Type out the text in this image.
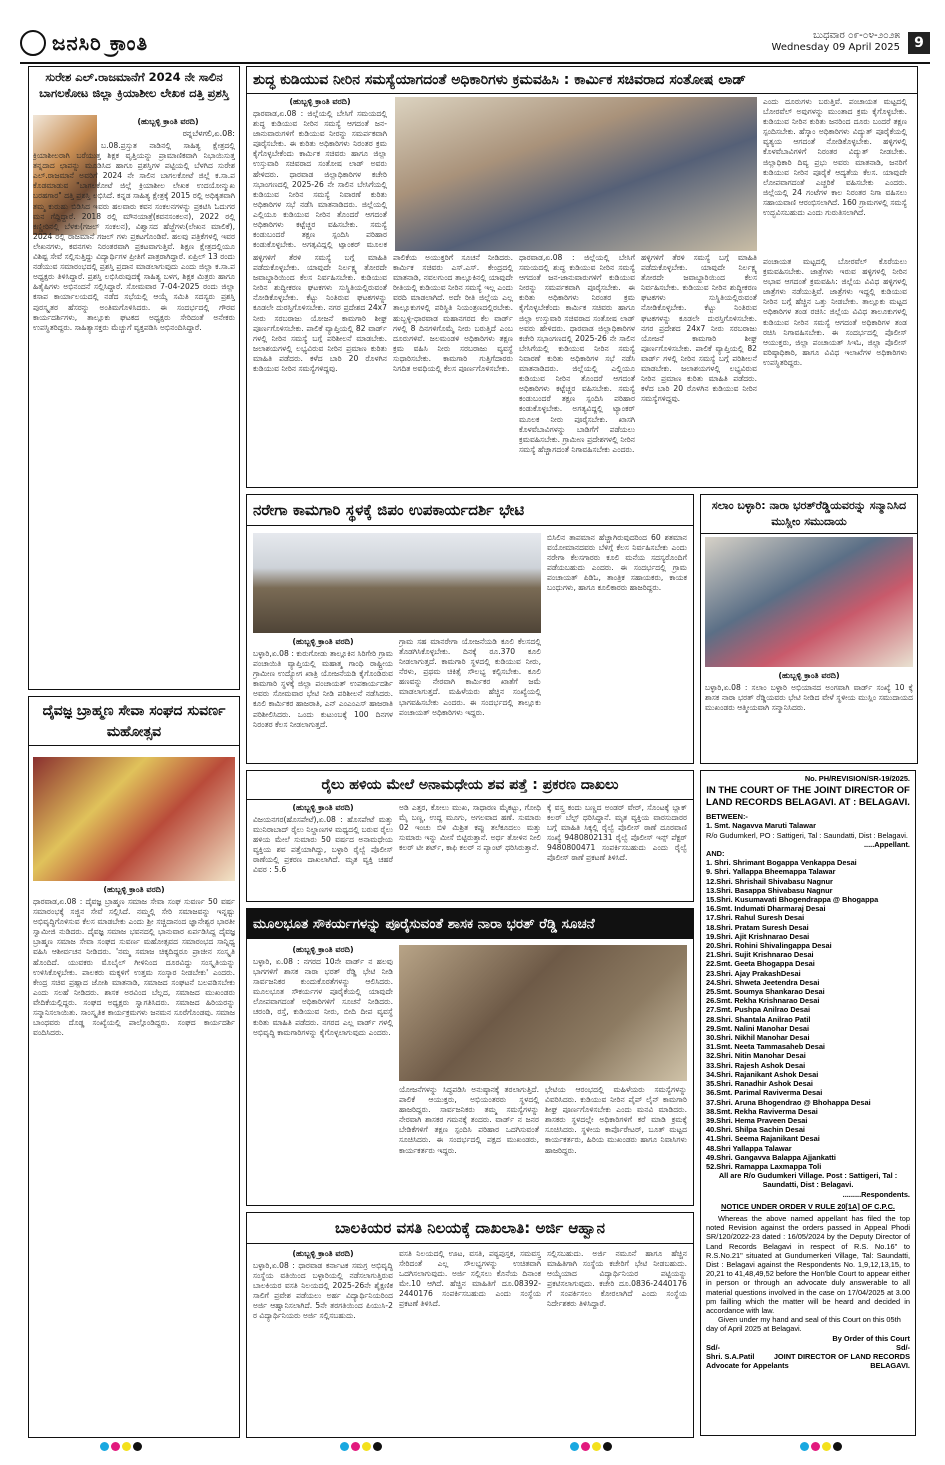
ಜನಸಿರಿ ಕ್ರಾಂತಿ	ಬುಧವಾರ ೦೯-೦೪-೨೦೨೫
Wednesday 09 April 2025	9
ಸುರೇಶ ಎಲ್.ರಾಜಮಾನೆಗೆ 2024 ನೇ ಸಾಲಿನ ಬಾಗಲಕೋಟ ಜಿಲ್ಲಾ ಕ್ರಿಯಾಶೀಲ ಲೇಖಕ ದತ್ತಿ ಪ್ರಶಸ್ತಿ
(ಹುಬ್ಬಳ್ಳಿ ಕ್ರಾಂತಿ ವರದಿ)
ರನ್ನಬೆಳಗಲಿ,ಏ.08:
ಬ.08.ಪ್ರಸ್ತುತ ನಾಡಿನಲ್ಲಿ ಸಾಹಿತ್ಯ ಕ್ಷೇತ್ರದಲ್ಲಿ ಕ್ರಿಯಾಶೀಲರಾಗಿ ಬರೆಯುತ್ತ ಶಿಕ್ಷಕ ವೃತ್ತಿಯನ್ನು ಪ್ರಾಮಾಣಿಕವಾಗಿ ನಿಭಾಯಿಸುತ್ತ ತನ್ನದಾದ ಛಾಪನ್ನು ಮೂಡಿಸಿದ ಹಾಗೂ ಪ್ರಶಸ್ತಿಗಳ ಪಟ್ಟಿಯಲ್ಲಿ ಬೆಳಗಿದ ಸುರೇಶ ಎಲ್.ರಾಜಮಾನೆ ಅವರಿಗೆ 2024 ನೇ ಸಾಲಿನ ಬಾಗಲಕೋಟೆ ಜಿಲ್ಲೆ ಕ.ಸಾ.ಪ ಕೊಡಮಾಡುವ "ಬಾಗಲಕೋಟೆ ಜಿಲ್ಲೆ ಕ್ರಿಯಾಶೀಲ ಲೇಖಕ ಉದಯೋನ್ಮುಖ ಬರಹಗಾರ" ದತ್ತಿ ಪ್ರಶಸ್ತಿ ಲಭಿಸಿದೆ. ಕನ್ನಡ ಸಾಹಿತ್ಯ ಕ್ಷೇತ್ರಕ್ಕೆ 2015 ರಲ್ಲಿ ಅಧಿಕೃತವಾಗಿ ತಮ್ಮ ಕುರುಹು ಬಿಡಿಸಿದ ಇವರು ಹಲವಾರು ಕವನ ಸಂಕಲನಗಳನ್ನು ಪ್ರಕಟಿಸಿ ಓದುಗರ ಮನ ಗೆದ್ದಿದ್ದಾರೆ. 2018 ರಲ್ಲಿ ಮೌನಯಾತ್ರೆ(ಕವನಸಂಕಲನ), 2022 ರಲ್ಲಿ ಕಣ್ಣೀರಿನಲ್ಲಿ ಬೆಳಕು(ಗಜಲ್ ಸಂಕಲನ), ವಿಶ್ವಾಸದ ಹೆಜ್ಜೆಗಳು(ಲೇಖನ ಮಾಲಿಕೆ), 2024 ರಲ್ಲಿ ರಾಜಮಾನೆ ಗಜಲ್ ಗಳು ಪ್ರಕಟಗೊಂಡಿವೆ. ಹಲವು ಪತ್ರಿಕೆಗಳಲ್ಲಿ ಇವರ ಲೇಖನಗಳು, ಕವನಗಳು ನಿರಂತರವಾಗಿ ಪ್ರಕಟವಾಗುತ್ತಿವೆ. ಶಿಕ್ಷಣ ಕ್ಷೇತ್ರದಲ್ಲಿಯೂ ವಿಶಿಷ್ಟ ಸೇವೆ ಸಲ್ಲಿಸುತ್ತಿದ್ದು ವಿದ್ಯಾರ್ಥಿಗಳ ಪ್ರೀತಿಗೆ ಪಾತ್ರರಾಗಿದ್ದಾರೆ. ಏಪ್ರಿಲ್ 13 ರಂದು ನಡೆಯುವ ಸಮಾರಂಭದಲ್ಲಿ ಪ್ರಶಸ್ತಿ ಪ್ರದಾನ ಮಾಡಲಾಗುವುದು ಎಂದು ಜಿಲ್ಲಾ ಕ.ಸಾ.ಪ ಅಧ್ಯಕ್ಷರು ತಿಳಿಸಿದ್ದಾರೆ. ಪ್ರಶಸ್ತಿ ಲಭಿಸಿರುವುದಕ್ಕೆ ಸಾಹಿತ್ಯ ಬಳಗ, ಶಿಕ್ಷಕ ಮಿತ್ರರು ಹಾಗೂ ಹಿತೈಷಿಗಳು ಅಭಿನಂದನೆ ಸಲ್ಲಿಸಿದ್ದಾರೆ. ಸೋಮವಾರ 7-04-2025 ರಂದು ಜಿಲ್ಲಾ ಕಸಾಪ ಕಾರ್ಯಾಲಯದಲ್ಲಿ ನಡೆದ ಸಭೆಯಲ್ಲಿ ಆಯ್ಕೆ ಸಮಿತಿ ಸದಸ್ಯರು ಪ್ರಶಸ್ತಿ ಪುರಸ್ಕೃತರ ಹೆಸರನ್ನು ಅಂತಿಮಗೊಳಿಸಿದರು. ಈ ಸಂದರ್ಭದಲ್ಲಿ ಗೌರವ ಕಾರ್ಯದರ್ಶಿಗಳು, ತಾಲ್ಲೂಕು ಘಟಕದ ಅಧ್ಯಕ್ಷರು ಸೇರಿದಂತೆ ಅನೇಕರು ಉಪಸ್ಥಿತರಿದ್ದರು. ಸಾಹಿತ್ಯಾಸಕ್ತರು ಮೆಚ್ಚುಗೆ ವ್ಯಕ್ತಪಡಿಸಿ ಅಭಿನಂದಿಸಿದ್ದಾರೆ.
ದೈವಜ್ಞ ಬ್ರಾಹ್ಮಣ ಸೇವಾ ಸಂಘದ ಸುವರ್ಣ ಮಹೋತ್ಸವ
(ಹುಬ್ಬಳ್ಳಿ ಕ್ರಾಂತಿ ವರದಿ)
ಧಾರವಾಡ,ಏ.08 : ದೈವಜ್ಞ ಬ್ರಾಹ್ಮಣ ಸಮಾಜ ಸೇವಾ ಸಂಘ ಸುವರ್ಣ 50 ವರ್ಷ ಸಮಾರಂಭಕ್ಕೆ ಸಜ್ಜಿನ ಸೇವೆ ಸಲ್ಲಿಸಿದೆ. ನಮ್ಮಲ್ಲಿ ಸೇರಿ ಸಮಾಜವನ್ನು ಇನ್ನಷ್ಟು ಅಭಿವೃದ್ಧಿಗೊಳಿಸುವ ಕೆಲಸ ಮಾಡಬೇಕು ಎಂದು ಶ್ರೀ ಸಚ್ಚಿದಾನಂದ ಜ್ಞಾನೇಶ್ವರ ಭಾರತೀ ಸ್ವಾಮೀಜಿ ನುಡಿದರು. ದೈವಜ್ಞ ಸಮಾಜ ಭವನದಲ್ಲಿ ಭಾನುವಾರ ಏರ್ಪಡಿಸಿದ್ದ ದೈವಜ್ಞ ಬ್ರಾಹ್ಮಣ ಸಮಾಜ ಸೇವಾ ಸಂಘದ ಸುವರ್ಣ ಮಹೋತ್ಸವದ ಸಮಾರಂಭದ ಸಾನ್ನಿಧ್ಯ ವಹಿಸಿ ಆಶೀರ್ವಚನ ನೀಡಿದರು. 'ನಮ್ಮ ಸಮಾಜ ಚಿಕ್ಕದಿದ್ದರೂ ಪ್ರಾಚೀನ ಸಂಸ್ಕೃತಿ ಹೊಂದಿದೆ. ಯುವಕರು ಮೊಬೈಲ್ ಗೀಳಿನಿಂದ ದೂರವಿದ್ದು ಸಂಸ್ಕೃತಿಯನ್ನು ಉಳಿಸಿಕೊಳ್ಳಬೇಕು. ಪಾಲಕರು ಮಕ್ಕಳಿಗೆ ಉತ್ತಮ ಸಂಸ್ಕಾರ ನೀಡಬೇಕು' ಎಂದರು. ಕೇಂದ್ರ ಸಚಿವ ಪ್ರಹ್ಲಾದ ಜೋಶಿ ಮಾತನಾಡಿ, ಸಮಾಜದ ಸಂಘಟನೆ ಬಲಪಡಿಸಬೇಕು ಎಂದು ಸಲಹೆ ನೀಡಿದರು. ಶಾಸಕ ಅರವಿಂದ ಬೆಲ್ಲದ, ಸಮಾಜದ ಮುಖಂಡರು ವೇದಿಕೆಯಲ್ಲಿದ್ದರು. ಸಂಘದ ಅಧ್ಯಕ್ಷರು ಸ್ವಾಗತಿಸಿದರು. ಸಮಾಜದ ಹಿರಿಯರನ್ನು ಸನ್ಮಾನಿಸಲಾಯಿತು. ಸಾಂಸ್ಕೃತಿಕ ಕಾರ್ಯಕ್ರಮಗಳು ಜನಮನ ಸೂರೆಗೊಂಡವು. ಸಮಾಜ ಬಾಂಧವರು ದೊಡ್ಡ ಸಂಖ್ಯೆಯಲ್ಲಿ ಪಾಲ್ಗೊಂಡಿದ್ದರು. ಸಂಘದ ಕಾರ್ಯದರ್ಶಿ ವಂದಿಸಿದರು.
ಶುದ್ಧ ಕುಡಿಯುವ ನೀರಿನ ಸಮಸ್ಯೆಯಾಗದಂತೆ ಅಧಿಕಾರಿಗಳು ಕ್ರಮವಹಿಸಿ : ಕಾರ್ಮಿಕ ಸಚಿವರಾದ ಸಂತೋಷ ಲಾಡ್
(ಹುಬ್ಬಳ್ಳಿ ಕ್ರಾಂತಿ ವರದಿ)
ಧಾರವಾಡ,ಏ.08 : ಜಿಲ್ಲೆಯಲ್ಲಿ ಬೇಸಿಗೆ ಸಮಯದಲ್ಲಿ ಶುದ್ಧ ಕುಡಿಯುವ ನೀರಿನ ಸಮಸ್ಯೆ ಆಗದಂತೆ ಜನ-ಜಾನುವಾರುಗಳಿಗೆ ಕುಡಿಯುವ ನೀರನ್ನು ಸಮರ್ಪಕವಾಗಿ ಪೂರೈಸಬೇಕು. ಈ ಕುರಿತು ಅಧಿಕಾರಿಗಳು ನಿರಂತರ ಕ್ರಮ ಕೈಗೊಳ್ಳಬೇಕೆಂದು ಕಾರ್ಮಿಕ ಸಚಿವರು ಹಾಗೂ ಜಿಲ್ಲಾ ಉಸ್ತುವಾರಿ ಸಚಿವರಾದ ಸಂತೋಷ ಲಾಡ್ ಅವರು ಹೇಳಿದರು. ಧಾರವಾಡ ಜಿಲ್ಲಾಧಿಕಾರಿಗಳ ಕಚೇರಿ ಸಭಾಂಗಣದಲ್ಲಿ 2025-26 ನೇ ಸಾಲಿನ ಬೇಸಿಗೆಯಲ್ಲಿ ಕುಡಿಯುವ ನೀರಿನ ಸಮಸ್ಯೆ ನಿವಾರಣೆ ಕುರಿತು ಅಧಿಕಾರಿಗಳ ಸಭೆ ನಡೆಸಿ ಮಾತನಾಡಿದರು. ಜಿಲ್ಲೆಯಲ್ಲಿ ಎಲ್ಲಿಯೂ ಕುಡಿಯುವ ನೀರಿನ ತೊಂದರೆ ಆಗದಂತೆ ಅಧಿಕಾರಿಗಳು ಕಟ್ಟೆಚ್ಚರ ವಹಿಸಬೇಕು. ಸಮಸ್ಯೆ ಕಂಡುಬಂದರೆ ತಕ್ಷಣ ಸ್ಪಂದಿಸಿ ಪರಿಹಾರ ಕಂಡುಕೊಳ್ಳಬೇಕು. ಅಗತ್ಯವಿದ್ದಲ್ಲಿ ಟ್ಯಾಂಕರ್ ಮೂಲಕ
ಹಳ್ಳಿಗಳಿಗೆ ತೆರಳಿ ಸಮಸ್ಯೆ ಬಗ್ಗೆ ಮಾಹಿತಿ ಪಡೆದುಕೊಳ್ಳಬೇಕು. ಯಾವುದೇ ನಿರ್ಲಕ್ಷ್ಯ ತೋರದೇ ಜವಾಬ್ದಾರಿಯಿಂದ ಕೆಲಸ ನಿರ್ವಹಿಸಬೇಕು. ಕುಡಿಯುವ ನೀರಿನ ಶುದ್ಧೀಕರಣ ಘಟಕಗಳು ಸುಸ್ಥಿತಿಯಲ್ಲಿರುವಂತೆ ನೋಡಿಕೊಳ್ಳಬೇಕು. ಕೆಟ್ಟು ನಿಂತಿರುವ ಘಟಕಗಳನ್ನು ಕೂಡಲೇ ದುರಸ್ತಿಗೊಳಿಸಬೇಕು. ನಗರ ಪ್ರದೇಶದ 24x7 ನೀರು ಸರಬರಾಜು ಯೋಜನೆ ಕಾಮಗಾರಿ ಶೀಘ್ರ ಪೂರ್ಣಗೊಳಿಸಬೇಕು. ಪಾಲಿಕೆ ವ್ಯಾಪ್ತಿಯಲ್ಲಿ 82 ವಾರ್ಡ್ ಗಳಲ್ಲಿ ನೀರಿನ ಸಮಸ್ಯೆ ಬಗ್ಗೆ ಪರಿಶೀಲನೆ ಮಾಡಬೇಕು. ಜಲಾಶಯಗಳಲ್ಲಿ ಲಭ್ಯವಿರುವ ನೀರಿನ ಪ್ರಮಾಣ ಕುರಿತು ಮಾಹಿತಿ ಪಡೆದರು. ಕಳೆದ ಬಾರಿ 20 ರೊಳಗಿನ ಕುಡಿಯುವ ನೀರಿನ ಸಮಸ್ಯೆಗಳಿದ್ದವು.
ಪಾಲಿಕೆಯ ಅಯುಕ್ತರಿಗೆ ಸೂಚನೆ ನೀಡಿದರು. ಕಾರ್ಮಿಕ ಸಚಿವರು ಎಸ್.ಎಸ್. ಕೇಂದ್ರದಲ್ಲಿ ಮಾತನಾಡಿ, ನವಲಗುಂದ ತಾಲ್ಲೂಕಿನಲ್ಲಿ ಯಾವುದೇ ರೀತಿಯಲ್ಲಿ ಕುಡಿಯುವ ನೀರಿನ ಸಮಸ್ಯೆ ಇಲ್ಲ ಎಂದು ವರದಿ ಮಾಡಲಾಗಿದೆ. ಅದೇ ರೀತಿ ಜಿಲ್ಲೆಯ ಎಲ್ಲ ತಾಲ್ಲೂಕುಗಳಲ್ಲಿ ಪರಿಸ್ಥಿತಿ ನಿಯಂತ್ರಣದಲ್ಲಿರಬೇಕು. ಹುಬ್ಬಳ್ಳಿ-ಧಾರವಾಡ ಮಹಾನಗರದ ಕೆಲ ವಾರ್ಡ್ ಗಳಲ್ಲಿ 8 ದಿನಗಳಿಗೊಮ್ಮೆ ನೀರು ಬರುತ್ತಿದೆ ಎಂಬ ದೂರುಗಳಿವೆ. ಜಲಮಂಡಳಿ ಅಧಿಕಾರಿಗಳು ತಕ್ಷಣ ಕ್ರಮ ವಹಿಸಿ ನೀರು ಸರಬರಾಜು ವ್ಯವಸ್ಥೆ ಸುಧಾರಿಸಬೇಕು. ಕಾಮಗಾರಿ ಗುತ್ತಿಗೆದಾರರು ನಿಗದಿತ ಅವಧಿಯಲ್ಲಿ ಕೆಲಸ ಪೂರ್ಣಗೊಳಿಸಬೇಕು.
ಧಾರವಾಡ,ಏ.08 : ಜಿಲ್ಲೆಯಲ್ಲಿ ಬೇಸಿಗೆ ಸಮಯದಲ್ಲಿ ಶುದ್ಧ ಕುಡಿಯುವ ನೀರಿನ ಸಮಸ್ಯೆ ಆಗದಂತೆ ಜನ-ಜಾನುವಾರುಗಳಿಗೆ ಕುಡಿಯುವ ನೀರನ್ನು ಸಮರ್ಪಕವಾಗಿ ಪೂರೈಸಬೇಕು. ಈ ಕುರಿತು ಅಧಿಕಾರಿಗಳು ನಿರಂತರ ಕ್ರಮ ಕೈಗೊಳ್ಳಬೇಕೆಂದು ಕಾರ್ಮಿಕ ಸಚಿವರು ಹಾಗೂ ಜಿಲ್ಲಾ ಉಸ್ತುವಾರಿ ಸಚಿವರಾದ ಸಂತೋಷ ಲಾಡ್ ಅವರು ಹೇಳಿದರು. ಧಾರವಾಡ ಜಿಲ್ಲಾಧಿಕಾರಿಗಳ ಕಚೇರಿ ಸಭಾಂಗಣದಲ್ಲಿ 2025-26 ನೇ ಸಾಲಿನ ಬೇಸಿಗೆಯಲ್ಲಿ ಕುಡಿಯುವ ನೀರಿನ ಸಮಸ್ಯೆ ನಿವಾರಣೆ ಕುರಿತು ಅಧಿಕಾರಿಗಳ ಸಭೆ ನಡೆಸಿ ಮಾತನಾಡಿದರು. ಜಿಲ್ಲೆಯಲ್ಲಿ ಎಲ್ಲಿಯೂ ಕುಡಿಯುವ ನೀರಿನ ತೊಂದರೆ ಆಗದಂತೆ ಅಧಿಕಾರಿಗಳು ಕಟ್ಟೆಚ್ಚರ ವಹಿಸಬೇಕು. ಸಮಸ್ಯೆ ಕಂಡುಬಂದರೆ ತಕ್ಷಣ ಸ್ಪಂದಿಸಿ ಪರಿಹಾರ ಕಂಡುಕೊಳ್ಳಬೇಕು. ಅಗತ್ಯವಿದ್ದಲ್ಲಿ ಟ್ಯಾಂಕರ್ ಮೂಲಕ ನೀರು ಪೂರೈಸಬೇಕು. ಖಾಸಗಿ ಕೊಳವೆಬಾವಿಗಳನ್ನು ಬಾಡಿಗೆಗೆ ಪಡೆಯಲು ಕ್ರಮವಹಿಸಬೇಕು. ಗ್ರಾಮೀಣ ಪ್ರದೇಶಗಳಲ್ಲಿ ನೀರಿನ ಸಮಸ್ಯೆ ಹೆಚ್ಚಾಗದಂತೆ ನಿಗಾವಹಿಸಬೇಕು ಎಂದರು.
ಹಳ್ಳಿಗಳಿಗೆ ತೆರಳಿ ಸಮಸ್ಯೆ ಬಗ್ಗೆ ಮಾಹಿತಿ ಪಡೆದುಕೊಳ್ಳಬೇಕು. ಯಾವುದೇ ನಿರ್ಲಕ್ಷ್ಯ ತೋರದೇ ಜವಾಬ್ದಾರಿಯಿಂದ ಕೆಲಸ ನಿರ್ವಹಿಸಬೇಕು. ಕುಡಿಯುವ ನೀರಿನ ಶುದ್ಧೀಕರಣ ಘಟಕಗಳು ಸುಸ್ಥಿತಿಯಲ್ಲಿರುವಂತೆ ನೋಡಿಕೊಳ್ಳಬೇಕು. ಕೆಟ್ಟು ನಿಂತಿರುವ ಘಟಕಗಳನ್ನು ಕೂಡಲೇ ದುರಸ್ತಿಗೊಳಿಸಬೇಕು. ನಗರ ಪ್ರದೇಶದ 24x7 ನೀರು ಸರಬರಾಜು ಯೋಜನೆ ಕಾಮಗಾರಿ ಶೀಘ್ರ ಪೂರ್ಣಗೊಳಿಸಬೇಕು. ಪಾಲಿಕೆ ವ್ಯಾಪ್ತಿಯಲ್ಲಿ 82 ವಾರ್ಡ್ ಗಳಲ್ಲಿ ನೀರಿನ ಸಮಸ್ಯೆ ಬಗ್ಗೆ ಪರಿಶೀಲನೆ ಮಾಡಬೇಕು. ಜಲಾಶಯಗಳಲ್ಲಿ ಲಭ್ಯವಿರುವ ನೀರಿನ ಪ್ರಮಾಣ ಕುರಿತು ಮಾಹಿತಿ ಪಡೆದರು. ಕಳೆದ ಬಾರಿ 20 ರೊಳಗಿನ ಕುಡಿಯುವ ನೀರಿನ ಸಮಸ್ಯೆಗಳಿದ್ದವು.
ಎಂದು ದೂರುಗಳು ಬರುತ್ತಿವೆ. ಪಂಚಾಯತ ಮಟ್ಟದಲ್ಲಿ ಬೋರವೆಲ್ ಅವುಗಳನ್ನು ಮುಂತಾದ ಕ್ರಮ ಕೈಗೊಳ್ಳಬೇಕು. ಕುಡಿಯುವ ನೀರಿನ ಕುರಿತು ಜನರಿಂದ ದೂರು ಬಂದರೆ ತಕ್ಷಣ ಸ್ಪಂದಿಸಬೇಕು. ಹೆಸ್ಕಾಂ ಅಧಿಕಾರಿಗಳು ವಿದ್ಯುತ್ ಪೂರೈಕೆಯಲ್ಲಿ ವ್ಯತ್ಯಯ ಆಗದಂತೆ ನೋಡಿಕೊಳ್ಳಬೇಕು. ಹಳ್ಳಿಗಳಲ್ಲಿ ಕೊಳವೆಬಾವಿಗಳಿಗೆ ನಿರಂತರ ವಿದ್ಯುತ್ ನೀಡಬೇಕು. ಜಿಲ್ಲಾಧಿಕಾರಿ ದಿವ್ಯ ಪ್ರಭು ಅವರು ಮಾತನಾಡಿ, ಜನರಿಗೆ ಕುಡಿಯುವ ನೀರಿನ ಪೂರೈಕೆ ಆದ್ಯತೆಯ ಕೆಲಸ. ಯಾವುದೇ ಲೋಪವಾಗದಂತೆ ಎಚ್ಚರಿಕೆ ವಹಿಸಬೇಕು ಎಂದರು. ಜಿಲ್ಲೆಯಲ್ಲಿ 24 ಗಂಟೆಗಳ ಕಾಲ ನಿರಂತರ ನಿಗಾ ವಹಿಸಲು ಸಹಾಯವಾಣಿ ಆರಂಭಿಸಲಾಗಿದೆ. 160 ಗ್ರಾಮಗಳಲ್ಲಿ ಸಮಸ್ಯೆ ಉದ್ಭವಿಸಬಹುದು ಎಂದು ಗುರುತಿಸಲಾಗಿದೆ.
ಪಂಚಾಯತ ಮಟ್ಟದಲ್ಲಿ ಬೋರವೆಲ್ ಕೊರೆಯಲು ಕ್ರಮವಹಿಸಬೇಕು. ಜಾತ್ರೆಗಳು ಇರುವ ಹಳ್ಳಿಗಳಲ್ಲಿ ನೀರಿನ ಅಭಾವ ಆಗದಂತೆ ಕ್ರಮವಹಿಸಿ: ಜಿಲ್ಲೆಯ ವಿವಿಧ ಹಳ್ಳಿಗಳಲ್ಲಿ ಜಾತ್ರೆಗಳು ನಡೆಯುತ್ತಿವೆ. ಜಾತ್ರೆಗಳು ಇದ್ದಲ್ಲಿ ಕುಡಿಯುವ ನೀರಿನ ಬಗ್ಗೆ ಹೆಚ್ಚಿನ ಒತ್ತು ನೀಡಬೇಕು. ತಾಲ್ಲೂಕು ಮಟ್ಟದ ಅಧಿಕಾರಿಗಳ ತಂಡ ರಚಿಸಿ: ಜಿಲ್ಲೆಯ ವಿವಿಧ ತಾಲೂಕುಗಳಲ್ಲಿ ಕುಡಿಯುವ ನೀರಿನ ಸಮಸ್ಯೆ ಆಗದಂತೆ ಅಧಿಕಾರಿಗಳ ತಂಡ ರಚಿಸಿ ನಿಗಾವಹಿಸಬೇಕು. ಈ ಸಂದರ್ಭದಲ್ಲಿ ಪೊಲೀಸ್ ಆಯುಕ್ತರು, ಜಿಲ್ಲಾ ಪಂಚಾಯತ್ ಸಿಇಓ, ಜಿಲ್ಲಾ ಪೊಲೀಸ್ ವರಿಷ್ಠಾಧಿಕಾರಿ, ಹಾಗೂ ವಿವಿಧ ಇಲಾಖೆಗಳ ಅಧಿಕಾರಿಗಳು ಉಪಸ್ಥಿತರಿದ್ದರು.
ನರೇಗಾ ಕಾಮಗಾರಿ ಸ್ಥಳಕ್ಕೆ ಜಿಪಂ ಉಪಕಾರ್ಯದರ್ಶಿ ಭೇಟಿ
ಬಿಸಿಲಿನ ತಾಪಮಾನ ಹೆಚ್ಚಾಗಿರುವುದರಿಂದ 60 ಶತಮಾನ ವಯೋಮಾನದವರು ಬೆಳಿಗ್ಗೆ ಕೆಲಸ ನಿರ್ವಹಿಸಬೇಕು ಎಂದು ನರೇಗಾ ಕೆಲಸಗಾರರು ಕೂಲಿ ಮನೆಯ ಸದಸ್ಯರೊಂದಿಗೆ ಪಡೆಯಬಹುದು ಎಂದರು. ಈ ಸಂದರ್ಭದಲ್ಲಿ ಗ್ರಾಮ ಪಂಚಾಯತ್ ಪಿಡಿಓ, ತಾಂತ್ರಿಕ ಸಹಾಯಕರು, ಕಾಯಕ ಬಂಧುಗಳು, ಹಾಗೂ ಕೂಲಿಕಾರರು ಹಾಜರಿದ್ದರು.
(ಹುಬ್ಬಳ್ಳಿ ಕ್ರಾಂತಿ ವರದಿ)
ಬಳ್ಳಾರಿ,ಏ.08 : ಕುರುಗೋಡು ತಾಲ್ಲೂಕಿನ ಸಿರಿಗೇರಿ ಗ್ರಾಮ ಪಂಚಾಯಿತಿ ವ್ಯಾಪ್ತಿಯಲ್ಲಿ ಮಹಾತ್ಮ ಗಾಂಧಿ ರಾಷ್ಟ್ರೀಯ ಗ್ರಾಮೀಣ ಉದ್ಯೋಗ ಖಾತ್ರಿ ಯೋಜನೆಯಡಿ ಕೈಗೊಂಡಿರುವ ಕಾಮಗಾರಿ ಸ್ಥಳಕ್ಕೆ ಜಿಲ್ಲಾ ಪಂಚಾಯತ್ ಉಪಕಾರ್ಯದರ್ಶಿ ಅವರು ಸೋಮವಾರ ಭೇಟಿ ನೀಡಿ ಪರಿಶೀಲನೆ ನಡೆಸಿದರು. ಕೂಲಿ ಕಾರ್ಮಿಕರ ಹಾಜರಾತಿ, ಎನ್ ಎಂಎಂಎಸ್ ಹಾಜರಾತಿ ಪರಿಶೀಲಿಸಿದರು. ಒಂದು ಕುಟುಂಬಕ್ಕೆ 100 ದಿನಗಳ ನಿರಂತರ ಕೆಲಸ ನೀಡಲಾಗುತ್ತದೆ.
ಗ್ರಾಮ ಸಹ ಮಾನರೇಗಾ ಯೋಜನೆಯಡಿ ಕೂಲಿ ಕೆಲಸದಲ್ಲಿ ತೊಡಗಿಸಿಕೊಳ್ಳಬೇಕು. ದಿನಕ್ಕೆ ರೂ.370 ಕೂಲಿ ನೀಡಲಾಗುತ್ತದೆ. ಕಾಮಗಾರಿ ಸ್ಥಳದಲ್ಲಿ ಕುಡಿಯುವ ನೀರು, ನೆರಳು, ಪ್ರಥಮ ಚಿಕಿತ್ಸೆ ಸೌಲಭ್ಯ ಕಲ್ಪಿಸಬೇಕು. ಕೂಲಿ ಹಣವನ್ನು ನೇರವಾಗಿ ಕಾರ್ಮಿಕರ ಖಾತೆಗೆ ಜಮೆ ಮಾಡಲಾಗುತ್ತದೆ. ಮಹಿಳೆಯರು ಹೆಚ್ಚಿನ ಸಂಖ್ಯೆಯಲ್ಲಿ ಭಾಗವಹಿಸಬೇಕು ಎಂದರು. ಈ ಸಂದರ್ಭದಲ್ಲಿ ತಾಲ್ಲೂಕು ಪಂಚಾಯತ್ ಅಧಿಕಾರಿಗಳು ಇದ್ದರು.
ಸಲಾಂ ಬಳ್ಳಾರಿ: ನಾರಾ ಭರತ್‌ರೆಡ್ಡಿಯವರನ್ನು ಸನ್ಮಾನಿಸಿದ ಮುಸ್ಲೀಂ ಸಮುದಾಯ
(ಹುಬ್ಬಳ್ಳಿ ಕ್ರಾಂತಿ ವರದಿ)
ಬಳ್ಳಾರಿ,ಏ.08 : ಸಲಾಂ ಬಳ್ಳಾರಿ ಅಭಿಯಾನದ ಅಂಗವಾಗಿ ವಾರ್ಡ್ ಸಂಖ್ಯೆ 10 ಕ್ಕೆ ಶಾಸಕ ನಾರಾ ಭರತ್ ರೆಡ್ಡಿಯವರು ಭೇಟಿ ನೀಡಿದ ವೇಳೆ ಸ್ಥಳೀಯ ಮುಸ್ಲಿಂ ಸಮುದಾಯದ ಮುಖಂಡರು ಆತ್ಮೀಯವಾಗಿ ಸನ್ಮಾನಿಸಿದರು.
ರೈಲು ಹಳಿಯ ಮೇಲೆ ಅನಾಮಧೇಯ ಶವ ಪತ್ತೆ : ಪ್ರಕರಣ ದಾಖಲು
(ಹುಬ್ಬಳ್ಳಿ ಕ್ರಾಂತಿ ವರದಿ)
ವಿಜಯನಗರ(ಹೊಸಪೇಟೆ),ಏ.08 : ಹೊಸಪೇಟೆ ಮತ್ತು ಮುನಿರಾಬಾದ್ ರೈಲು ನಿಲ್ದಾಣಗಳ ಮಧ್ಯದಲ್ಲಿ ಬರುವ ರೈಲು ಹಳಿಯ ಮೇಲೆ ಸುಮಾರು 50 ವರ್ಷದ ಅನಾಮಧೇಯ ವ್ಯಕ್ತಿಯ ಶವ ಪತ್ತೆಯಾಗಿದ್ದು, ಬಳ್ಳಾರಿ ರೈಲ್ವೆ ಪೊಲೀಸ್ ಠಾಣೆಯಲ್ಲಿ ಪ್ರಕರಣ ದಾಖಲಾಗಿದೆ. ಮೃತ ವ್ಯಕ್ತಿ ಚಹರೆ ವಿವರ : 5.6
ಅಡಿ ಎತ್ತರ, ಕೋಲು ಮುಖ, ಸಾಧಾರಣ ಮೈಕಟ್ಟು, ಗೋಧಿ ಮೈ ಬಣ್ಣ, ಉದ್ದ ಮೂಗು, ಅಗಲವಾದ ಹಣೆ. ಸುಮಾರು 02 ಇಂಚು ಬಿಳಿ ಮಿಶ್ರಿತ ಕಪ್ಪು ತಲೆಕೂದಲು ಮತ್ತು ಸುಮಾರು ಇನ್ನು ಮೀಸೆ ಬಿಟ್ಟಿರುತ್ತಾನೆ. ಅರ್ಧ ತೋಳಿನ ನೀಲಿ ಕಲರ್ ಟೀ ಶರ್ಟ್, ಕಾಫಿ ಕಲರ್ ನ ಪ್ಯಾಂಟ್ ಧರಿಸಿರುತ್ತಾನೆ.
ಕ್ಕೆ ವಸ್ತ್ರ ಕಂದು ಬಣ್ಣದ ಅಂಡರ್ ವೇರ್, ಸೊಂಟಕ್ಕೆ ಬ್ಲಾಕ್ ಕಲರ್ ಬೆಲ್ಟ್ ಧರಿಸಿದ್ದಾನೆ. ಮೃತ ವ್ಯಕ್ತಿಯ ವಾರಸುದಾರರ ಬಗ್ಗೆ ಮಾಹಿತಿ ಸಿಕ್ಕಲ್ಲಿ ರೈಲ್ವೆ ಪೊಲೀಸ್ ಠಾಣೆ ದೂರವಾಣಿ ಸಂಖ್ಯೆ 9480802131 ರೈಲ್ವೆ ಪೊಲೀಸ್ ಇನ್ಸ್ ಪೆಕ್ಟರ್ 9480800471 ಸಂಪರ್ಕಿಸಬಹುದು ಎಂದು ರೈಲ್ವೆ ಪೊಲೀಸ್ ಠಾಣೆ ಪ್ರಕಟಣೆ ತಿಳಿಸಿದೆ.
ಮೂಲಭೂತ ಸೌಕರ್ಯಗಳನ್ನು ಪೂರೈಸುವಂತೆ ಶಾಸಕ ನಾರಾ ಭರತ್ ರೆಡ್ಡಿ ಸೂಚನೆ
(ಹುಬ್ಬಳ್ಳಿ ಕ್ರಾಂತಿ ವರದಿ)
ಬಳ್ಳಾರಿ, ಏ.08 : ನಗರದ 10ನೇ ವಾರ್ಡ್ ನ ಹಲವು ಭಾಗಗಳಿಗೆ ಶಾಸಕ ನಾರಾ ಭರತ್ ರೆಡ್ಡಿ ಭೇಟಿ ನೀಡಿ ಸಾರ್ವಜನಿಕರ ಕುಂದುಕೊರತೆಗಳನ್ನು ಆಲಿಸಿದರು. ಮೂಲಭೂತ ಸೌಕರ್ಯಗಳ ಪೂರೈಕೆಯಲ್ಲಿ ಯಾವುದೇ ಲೋಪವಾಗದಂತೆ ಅಧಿಕಾರಿಗಳಿಗೆ ಸೂಚನೆ ನೀಡಿದರು. ಚರಂಡಿ, ರಸ್ತೆ, ಕುಡಿಯುವ ನೀರು, ಬೀದಿ ದೀಪ ವ್ಯವಸ್ಥೆ ಕುರಿತು ಮಾಹಿತಿ ಪಡೆದರು. ನಗರದ ಎಲ್ಲ ವಾರ್ಡ್ ಗಳಲ್ಲಿ ಅಭಿವೃದ್ಧಿ ಕಾಮಗಾರಿಗಳನ್ನು ಕೈಗೊಳ್ಳಲಾಗುವುದು ಎಂದರು.
ಯೋಜನೆಗಳನ್ನು ಸಿದ್ಧಪಡಿಸಿ ಅನುಷ್ಠಾನಕ್ಕೆ ತರಲಾಗುತ್ತಿದೆ. ಪಾಲಿಕೆ ಆಯುಕ್ತರು, ಅಭಿಯಂತರರು ಸ್ಥಳದಲ್ಲಿ ಹಾಜರಿದ್ದರು. ಸಾರ್ವಜನಿಕರು ತಮ್ಮ ಸಮಸ್ಯೆಗಳನ್ನು ನೇರವಾಗಿ ಶಾಸಕರ ಗಮನಕ್ಕೆ ತಂದರು. ವಾರ್ಡ್ ನ ಜನರ ಬೇಡಿಕೆಗಳಿಗೆ ತಕ್ಷಣ ಸ್ಪಂದಿಸಿ ಪರಿಹಾರ ಒದಗಿಸುವಂತೆ ಸೂಚಿಸಿದರು. ಈ ಸಂದರ್ಭದಲ್ಲಿ ಪಕ್ಷದ ಮುಖಂಡರು, ಕಾರ್ಯಕರ್ತರು ಇದ್ದರು.
ಭೇಟಿಯ ಆರಂಭದಲ್ಲಿ ಮಹಿಳೆಯರು ಸಮಸ್ಯೆಗಳನ್ನು ವಿವರಿಸಿದರು. ಕುಡಿಯುವ ನೀರಿನ ಪೈಪ್ ಲೈನ್ ಕಾಮಗಾರಿ ಶೀಘ್ರ ಪೂರ್ಣಗೊಳಿಸಬೇಕು ಎಂದು ಮನವಿ ಮಾಡಿದರು. ಶಾಸಕರು ಸ್ಥಳದಲ್ಲೇ ಅಧಿಕಾರಿಗಳಿಗೆ ಕರೆ ಮಾಡಿ ಕ್ರಮಕ್ಕೆ ಸೂಚಿಸಿದರು. ಸ್ಥಳೀಯ ಕಾರ್ಪೊರೇಟರ್, ಬೂತ್ ಮಟ್ಟದ ಕಾರ್ಯಕರ್ತರು, ಹಿರಿಯ ಮುಖಂಡರು ಹಾಗೂ ನಿವಾಸಿಗಳು ಹಾಜರಿದ್ದರು.
ಬಾಲಕಿಯರ ವಸತಿ ನಿಲಯಕ್ಕೆ ದಾಖಲಾತಿ: ಅರ್ಜಿ ಆಹ್ವಾನ
(ಹುಬ್ಬಳ್ಳಿ ಕ್ರಾಂತಿ ವರದಿ)
ಬಳ್ಳಾರಿ,ಏ.08 : ಧಾರವಾಡ ಕರ್ನಾಟಕ ಸಮಗ್ರ ಅಭಿವೃದ್ಧಿ ಸಂಸ್ಥೆಯ ವತಿಯಿಂದ ಬಳ್ಳಾರಿಯಲ್ಲಿ ನಡೆಸಲಾಗುತ್ತಿರುವ ಬಾಲಕಿಯರ ವಸತಿ ನಿಲಯದಲ್ಲಿ 2025-26ನೇ ಶೈಕ್ಷಣಿಕ ಸಾಲಿಗೆ ಪ್ರವೇಶ ಪಡೆಯಲು ಅರ್ಹ ವಿದ್ಯಾರ್ಥಿನಿಯರಿಂದ ಅರ್ಜಿ ಆಹ್ವಾನಿಸಲಾಗಿದೆ. 5ನೇ ತರಗತಿಯಿಂದ ಪಿಯುಸಿ-2 ರ ವಿದ್ಯಾರ್ಥಿನಿಯರು ಅರ್ಜಿ ಸಲ್ಲಿಸಬಹುದು.
ವಸತಿ ನಿಲಯದಲ್ಲಿ ಊಟ, ವಸತಿ, ಪಠ್ಯಪುಸ್ತಕ, ಸಮವಸ್ತ್ರ ಸೇರಿದಂತೆ ಎಲ್ಲ ಸೌಲಭ್ಯಗಳನ್ನು ಉಚಿತವಾಗಿ ಒದಗಿಸಲಾಗುವುದು. ಅರ್ಜಿ ಸಲ್ಲಿಸಲು ಕೊನೆಯ ದಿನಾಂಕ ಮೇ.10 ಆಗಿದೆ. ಹೆಚ್ಚಿನ ಮಾಹಿತಿಗೆ ದೂ.08392-2440176 ಸಂಪರ್ಕಿಸಬಹುದು ಎಂದು ಸಂಸ್ಥೆಯ ಪ್ರಕಟಣೆ ತಿಳಿಸಿದೆ.
ಸಲ್ಲಿಸಬಹುದು. ಅರ್ಜಿ ನಮೂನೆ ಹಾಗೂ ಹೆಚ್ಚಿನ ಮಾಹಿತಿಗಾಗಿ ಸಂಸ್ಥೆಯ ಕಚೇರಿಗೆ ಭೇಟಿ ನೀಡಬಹುದು. ಆಯ್ಕೆಯಾದ ವಿದ್ಯಾರ್ಥಿನಿಯರ ಪಟ್ಟಿಯನ್ನು ಪ್ರಕಟಿಸಲಾಗುವುದು. ಕಚೇರಿ ದೂ.0836-2440176 ಗೆ ಸಂಪರ್ಕಿಸಲು ಕೋರಲಾಗಿದೆ ಎಂದು ಸಂಸ್ಥೆಯ ನಿರ್ದೇಶಕರು ತಿಳಿಸಿದ್ದಾರೆ.
No. PH/REVISION/SR-19/2025.
IN THE COURT OF THE JOINT DIRECTOR OF LAND RECORDS BELAGAVI. AT : BELAGAVI.
BETWEEN:-
1. Smt. Nagavva Maruti Talawar
R/o Gudumkerl, PO : Sattigeri, Tal : Saundatti, Dist : Belagavi.
.....Appellant.
AND:
1. Shri. Shrimant Bogappa Venkappa Desai
9. Shri. Yallappa Bheemappa Talawar
12.Shri. Shrishail Shivabasu Nagnur
13.Shri. Basappa Shivabasu Nagnur
15.Shri. Kusumavati Bhogendrappa @ Bhogappa
16.Smt. Indumati Dharmaraj Desai
17.Shri. Rahul Suresh Desai
18.Shri. Pratam Suresh Desai
19.Shri. Ajit Krishnarao Desai
20.Shri. Rohini Shivalingappa Desai
21.Shri. Sujit Krishnarao Desai
22.Smt. Geeta Bhogappa Desai
23.Shri. Ajay PrakashDesai
24.Shri. Shweta Jeetendra Desai
25.Smt. Soumya Shankarao Desai
26.Smt. Rekha Krishnarao Desai
27.Smt. Pushpa Anilrao Desai
28.Shri. Shantala Anilrao Patil
29.Smt. Nalini Manohar Desai
30.Shri. Nikhil Manohar Desai
31.Smt. Neeta Tammasaheb Desai
32.Shri. Nitin Manohar Desai
33.Shri. Rajesh Ashok Desai
34.Shri. Rajanikant Ashok Desai
35.Shri. Ranadhir Ashok Desai
36.Smt. Parimal Raviverma Desai
37.Shri. Aruna Bhogendrao @ Bhohappa Desai
38.Smt. Rekha Raviverma Desai
39.Shri. Hema Praveen Desai
40.Shri. Shilpa Sachin Desai
41.Shri. Seema Rajanikant Desai
48.Shri Yallappa Talawar
49.Shri. Gangavva Balappa Ajjankatti
52.Shri. Ramappa Laxmappa Toli
All are R/o Gudumkeri Village. Post : Sattigeri, Tal : Saundatti, Dist : Belagavi.
.........Respondents.
NOTICE UNDER ORDER V RULE 20[1A] OF C.P.C.
Whereas the above named appellant has filed the top noted Revision against the orders passed in Appeal Phodi SR/120/2022-23 dated : 16/05/2024 by the Deputy Director of Land Records Belagavi in respect of R.S. No.16" to R.S.No.21" situated at Gundumerkeri Village, Tal: Saundatti, Dist : Belagavi against the Respondents No. 1,9,12,13,15, to 20,21 to 41,48,49,52 before the Hon'ble Court to appear either in person or through an advocate duly answerable to all material questions involved in the case on 17/04/2025 at 3.00 pm failling which the matter will be heard and decided in accordance with law.
Given under my hand and seal of this Court on this 05th day of April 2025 at Belagavi.
By Order of this Court
Sd/-	Sd/-
Shri. S.A.Patil	JOINT DIRECTOR OF LAND RECORDS
Advocate for Appelants	BELAGAVI.
